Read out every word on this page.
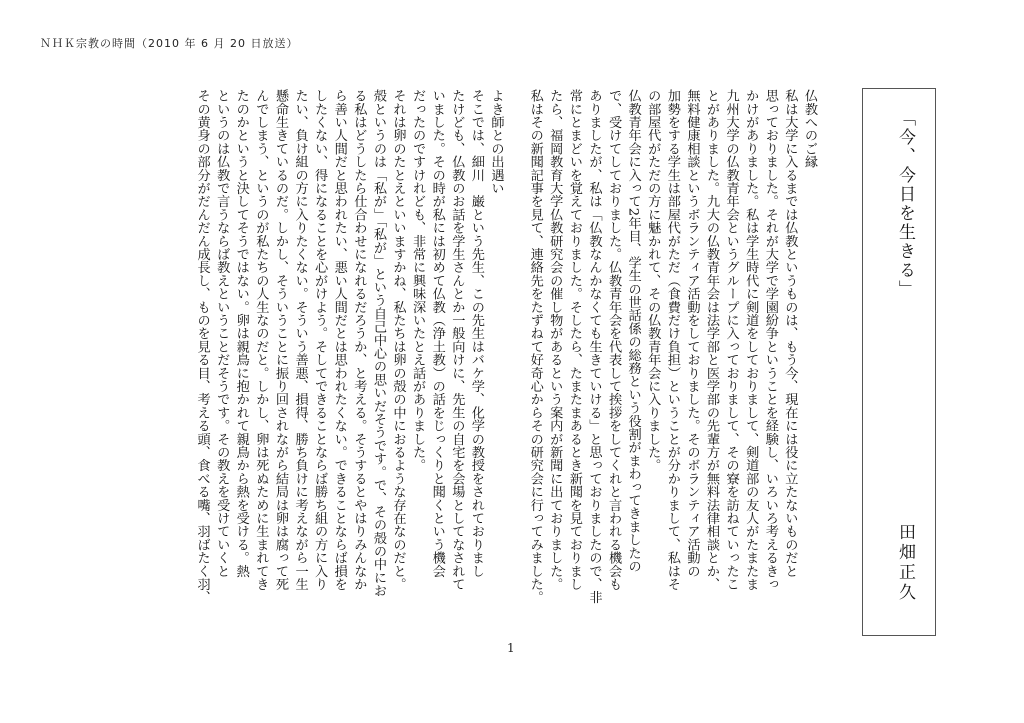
ＮＨＫ宗教の時間（2010 年 6 月 20 日放送）
「今、今日を生きる」
田畑正久
仏教へのご縁
私は大学に入るまでは仏教というものは、もう今、現在には役に立たないものだと
思っておりました。それが大学で学園紛争ということを経験し、いろいろ考えるきっ
かけがありました。私は学生時代に剣道をしておりまして、剣道部の友人がたまたま
九州大学の仏教青年会というグループに入っておりまして、その寮を訪ねていったこ
とがありました。九大の仏教青年会は法学部と医学部の先輩方が無料法律相談とか、
無料健康相談というボランティア活動をしておりました。そのボランティア活動の
加勢をする学生は部屋代がただ（食費だけ負担）ということが分かりまして、私はそ
の部屋代がただの方に魅かれて、その仏教青年会に入りました。
仏教青年会に入って2年目、学生の世話係の総務という役割がまわってきましたの
で、受けてしておりました。仏教青年会を代表して挨拶をしてくれと言われる機会も
ありましたが、私は「仏教なんかなくても生きていける」と思っておりましたので、非
常にとまどいを覚えておりました。そしたら、たまたまあるとき新聞を見ておりまし
たら、福岡教育大学仏教研究会の催し物があるという案内が新聞に出ておりました。
私はその新聞記事を見て、連絡先をたずねて好奇心からその研究会に行ってみました。
よき師との出遇い
そこでは、細川　巌という先生、この先生はバケ学、化学の教授をされておりまし
たけども、仏教のお話を学生さんとか一般向けに、先生の自宅を会場としてなされて
いました。その時が私には初めて仏教（浄土教）の話をじっくりと聞くという機会
だったのですけれども、非常に興味深いたとえ話がありました。
それは卵のたとえといいますかね、私たちは卵の殻の中におるような存在なのだと。
殻というのは「私が」「私が」という自己中心の思いだそうです。で、その殻の中にお
る私はどうしたら仕合わせになれるだろうか、と考える。そうするとやはりみんなか
ら善い人間だと思われたい、悪い人間だとは思われたくない。できることならば損を
したくない、得になることを心がけよう。そしてできることならば勝ち組の方に入り
たい、負け組の方に入りたくない。そういう善悪、損得、勝ち負けに考えながら一生
懸命生きているのだ。しかし、そういうことに振り回されながら結局は卵は腐って死
んでしまう、というのが私たちの人生なのだと。しかし、卵は死ぬために生まれてき
たのかというと決してそうではない。卵は親鳥に抱かれて親鳥から熱を受ける。熱
というのは仏教で言うならば教えということだそうです。その教えを受けていくと
その黄身の部分がだんだん成長し、ものを見る目、考える頭、食べる嘴、羽ばたく羽、
1
